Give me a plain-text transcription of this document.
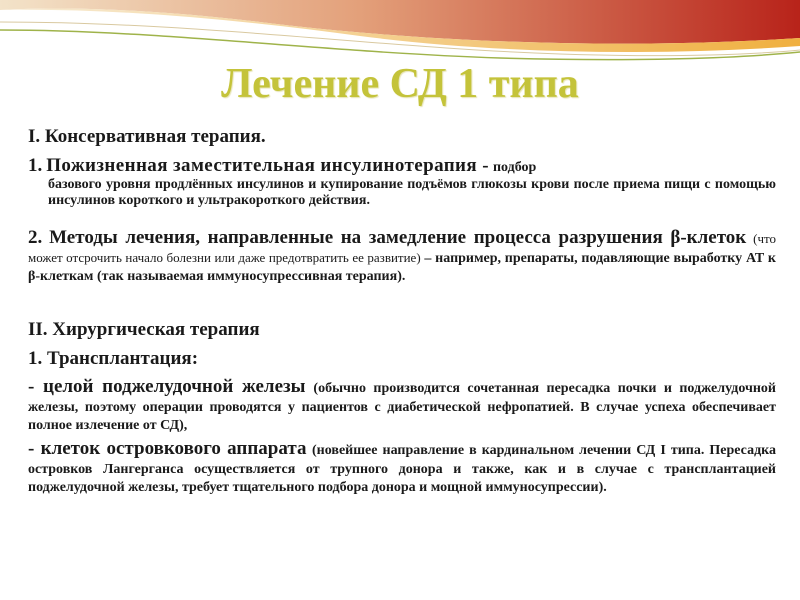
Лечение СД 1 типа
I. Консервативная терапия.
1. Пожизненная заместительная инсулинотерапия - подбор
базового уровня продлённых инсулинов и купирование подъёмов глюкозы крови после приема пищи с помощью инсулинов короткого и ультракороткого действия.
2. Методы лечения, направленные на замедление процесса разрушения β-клеток (что может отсрочить начало болезни или даже предотвратить ее развитие) – например, препараты, подавляющие выработку АТ к β-клеткам (так называемая иммуносупрессивная терапия).
II. Хирургическая терапия
1. Трансплантация:
- целой поджелудочной железы (обычно производится сочетанная пересадка почки и поджелудочной железы, поэтому операции проводятся у пациентов с диабетической нефропатией. В случае успеха обеспечивает полное излечение от СД),
- клеток островкового аппарата (новейшее направление в кардинальном лечении СД I типа. Пересадка островков Лангерганса осуществляется от трупного донора и также, как и в случае с трансплантацией поджелудочной железы, требует тщательного подбора донора и мощной иммуносупрессии).
